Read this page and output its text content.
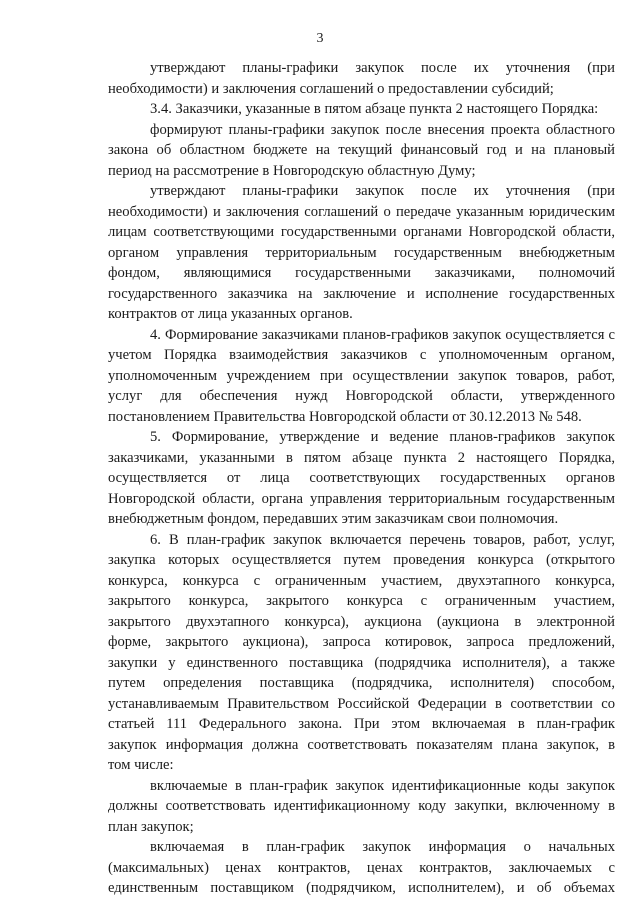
3

утверждают планы-графики закупок после их уточнения (при
необходимости) и заключения соглашений о предоставлении субсидий;

3.4. Заказчики, указанные в пятом абзаце пункта 2 настоящего Порядка:

формируют планы-графики закупок после внесения проекта областного
закона об областном бюджете на текущий финансовый год и на плановый
период на рассмотрение в Новгородскую областную Думу;

утверждают планы-графики закупок после их уточнения (при
необходимости) и заключения соглашений о передаче указанным юридическим
лицам соответствующими государственными органами Новгородской области,
органом управления территориальным государственным внебюджетным
фондом, являющимися государственными заказчиками, полномочий
государственного заказчика на заключение и исполнение государственных
контрактов от лица указанных органов.

4. Формирование заказчиками планов-графиков закупок осуществляется с
учетом Порядка взаимодействия заказчиков с уполномоченным органом,
уполномоченным учреждением при осуществлении закупок товаров, работ,
услуг для обеспечения нужд Новгородской области, утвержденного
постановлением Правительства Новгородской области от 30.12.2013 № 548.

5. Формирование, утверждение и ведение планов-графиков закупок
заказчиками, указанными в пятом абзаце пункта 2 настоящего Порядка,
осуществляется от лица соответствующих государственных органов
Новгородской области, органа управления территориальным государственным
внебюджетным фондом, передавших этим заказчикам свои полномочия.

6. В план-график закупок включается перечень товаров, работ, услуг,
закупка которых осуществляется путем проведения конкурса (открытого
конкурса, конкурса с ограниченным участием, двухэтапного конкурса,
закрытого конкурса, закрытого конкурса с ограниченным участием,
закрытого двухэтапного конкурса), аукциона (аукциона в электронной
форме, закрытого аукциона), запроса котировок, запроса предложений,
закупки у единственного поставщика (подрядчика исполнителя), а также
путем определения поставщика (подрядчика, исполнителя) способом,
устанавливаемым Правительством Российской Федерации в соответствии со
статьей 111 Федерального закона. При этом включаемая в план-график
закупок информация должна соответствовать показателям плана закупок, в
том числе:

включаемые в план-график закупок идентификационные коды закупок
должны соответствовать идентификационному коду закупки, включенному в
план закупок;

включаемая в план-график закупок информация о начальных
(максимальных) ценах контрактов, ценах контрактов, заключаемых с
единственным поставщиком (подрядчиком, исполнителем), и об объемах
